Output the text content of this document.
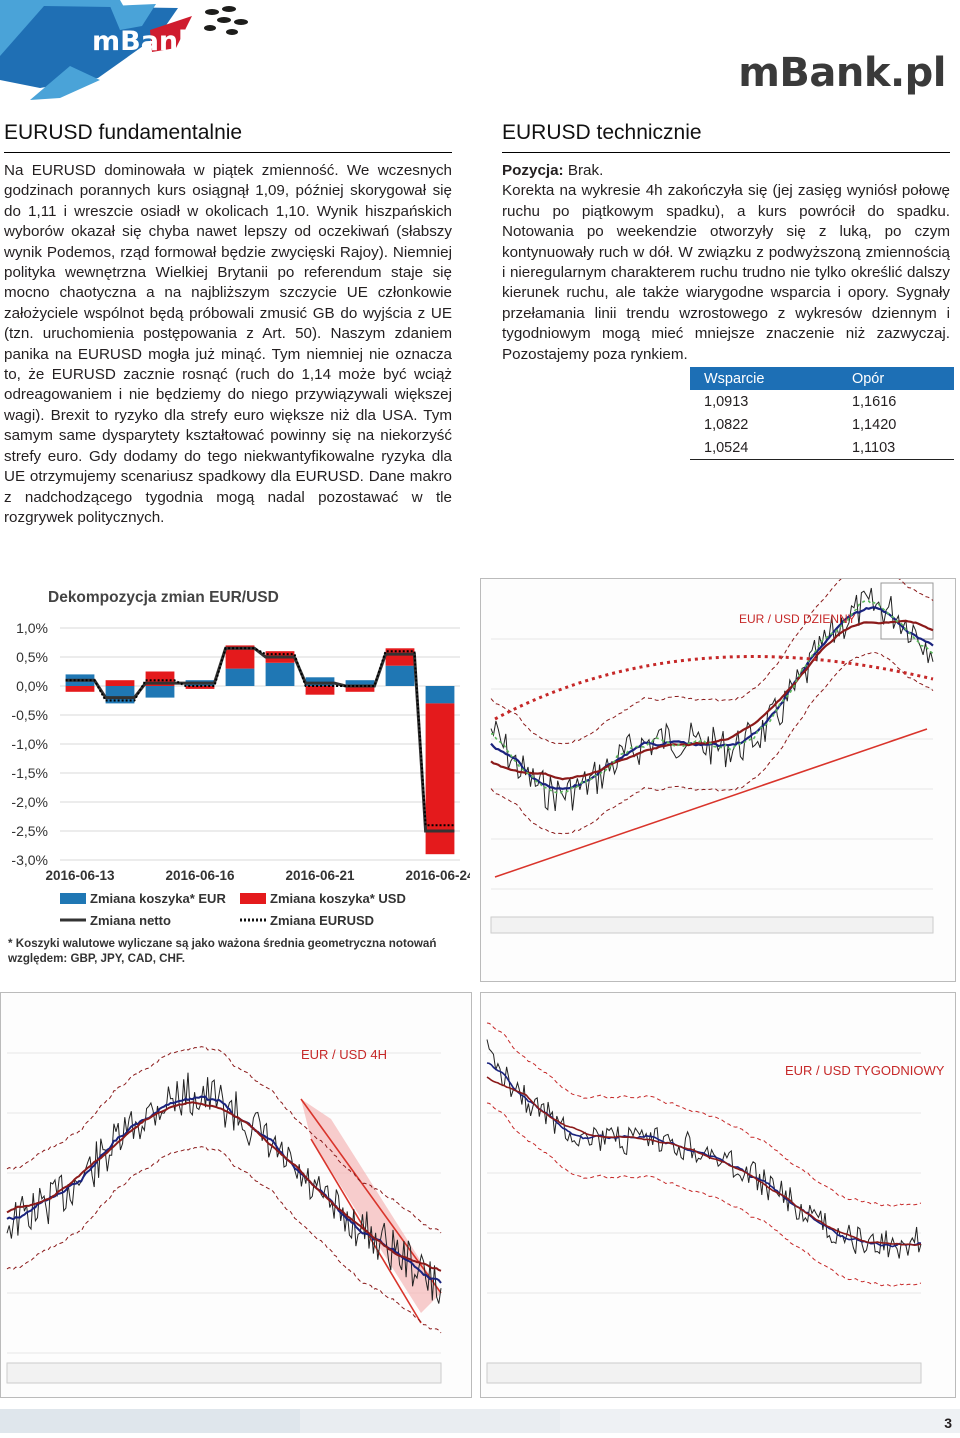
mBank
mBank.pl
EURUSD fundamentalnie
Na EURUSD dominowała w piątek zmienność. We wczesnych godzinach porannych kurs osiągnął 1,09, później skorygował się do 1,11 i wreszcie osiadł w okolicach 1,10. Wynik hiszpańskich wyborów okazał się chyba nawet lepszy od oczekiwań (słabszy wynik Podemos, rząd formował będzie zwycięski Rajoy). Niemniej polityka wewnętrzna Wielkiej Brytanii po referendum staje się mocno chaotyczna a na najbliższym szczycie UE członkowie założyciele wspólnot będą próbowali zmusić GB do wyjścia z UE (tzn. uruchomienia postępowania z Art. 50). Naszym zdaniem panika na EURUSD mogła już minąć. Tym niemniej nie oznacza to, że EURUSD zacznie rosnąć (ruch do 1,14 może być wciąż odreagowaniem i nie będziemy do niego przywiązywali większej wagi). Brexit to ryzyko dla strefy euro większe niż dla USA. Tym samym same dysparytety kształtować powinny się na niekorzyść strefy euro. Gdy dodamy do tego niekwantyfikowalne ryzyka dla UE otrzymujemy scenariusz spadkowy dla EURUSD. Dane makro z nadchodzącego tygodnia mogą nadal pozostawać w tle rozgrywek politycznych.
EURUSD technicznie

Pozycja: Brak.

Korekta na wykresie 4h zakończyła się (jej zasięg wyniósł połowę ruchu po piątkowym spadku), a kurs powrócił do spadku. Notowania po weekendzie otworzyły się z luką, po czym kontynuowały ruch w dół. W związku z podwyższoną zmiennością i nieregularnym charakterem ruchu trudno nie tylko określić dalszy kierunek ruchu, ale także wiarygodne wsparcia i opory. Sygnały przełamania linii trendu wzrostowego z wykresów dziennym i tygodniowym mogą mieć mniejsze znaczenie niż zazwyczaj. Pozostajemy poza rynkiem.

Wsparcie	Opór
1,0913	1,1616
1,0822	1,1420
1,0524	1,1103
Dekompozycja zmian EUR/USD
1,0%
0,5%
0,0%
-0,5%
-1,0%
-1,5%
-2,0%
-2,5%
-3,0%
2016-06-13	2016-06-16	2016-06-21	2016-06-24
Zmiana koszyka* EUR	Zmiana koszyka* USD
Zmiana netto	Zmiana EURUSD
* Koszyki walutowe wyliczane są jako ważona średnia geometryczna notowań względem: GBP, JPY, CAD, CHF.
EUR / USD DZIENNY
EUR / USD 4H
EUR / USD TYGODNIOWY
3
